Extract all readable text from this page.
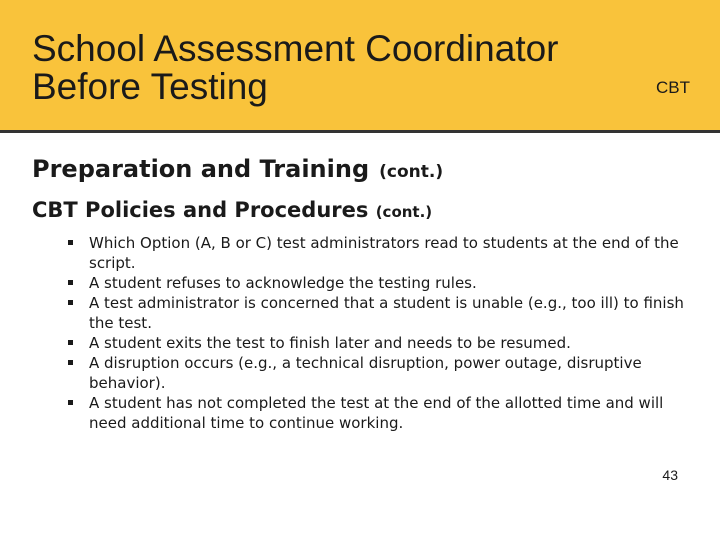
School Assessment Coordinator
Before Testing	CBT
Preparation and Training (cont.)
CBT Policies and Procedures (cont.)
Which Option (A, B or C) test administrators read to students at the end of the script.
A student refuses to acknowledge the testing rules.
A test administrator is concerned that a student is unable (e.g., too ill) to finish the test.
A student exits the test to finish later and needs to be resumed.
A disruption occurs (e.g., a technical disruption, power outage, disruptive behavior).
A student has not completed the test at the end of the allotted time and will need additional time to continue working.
43
